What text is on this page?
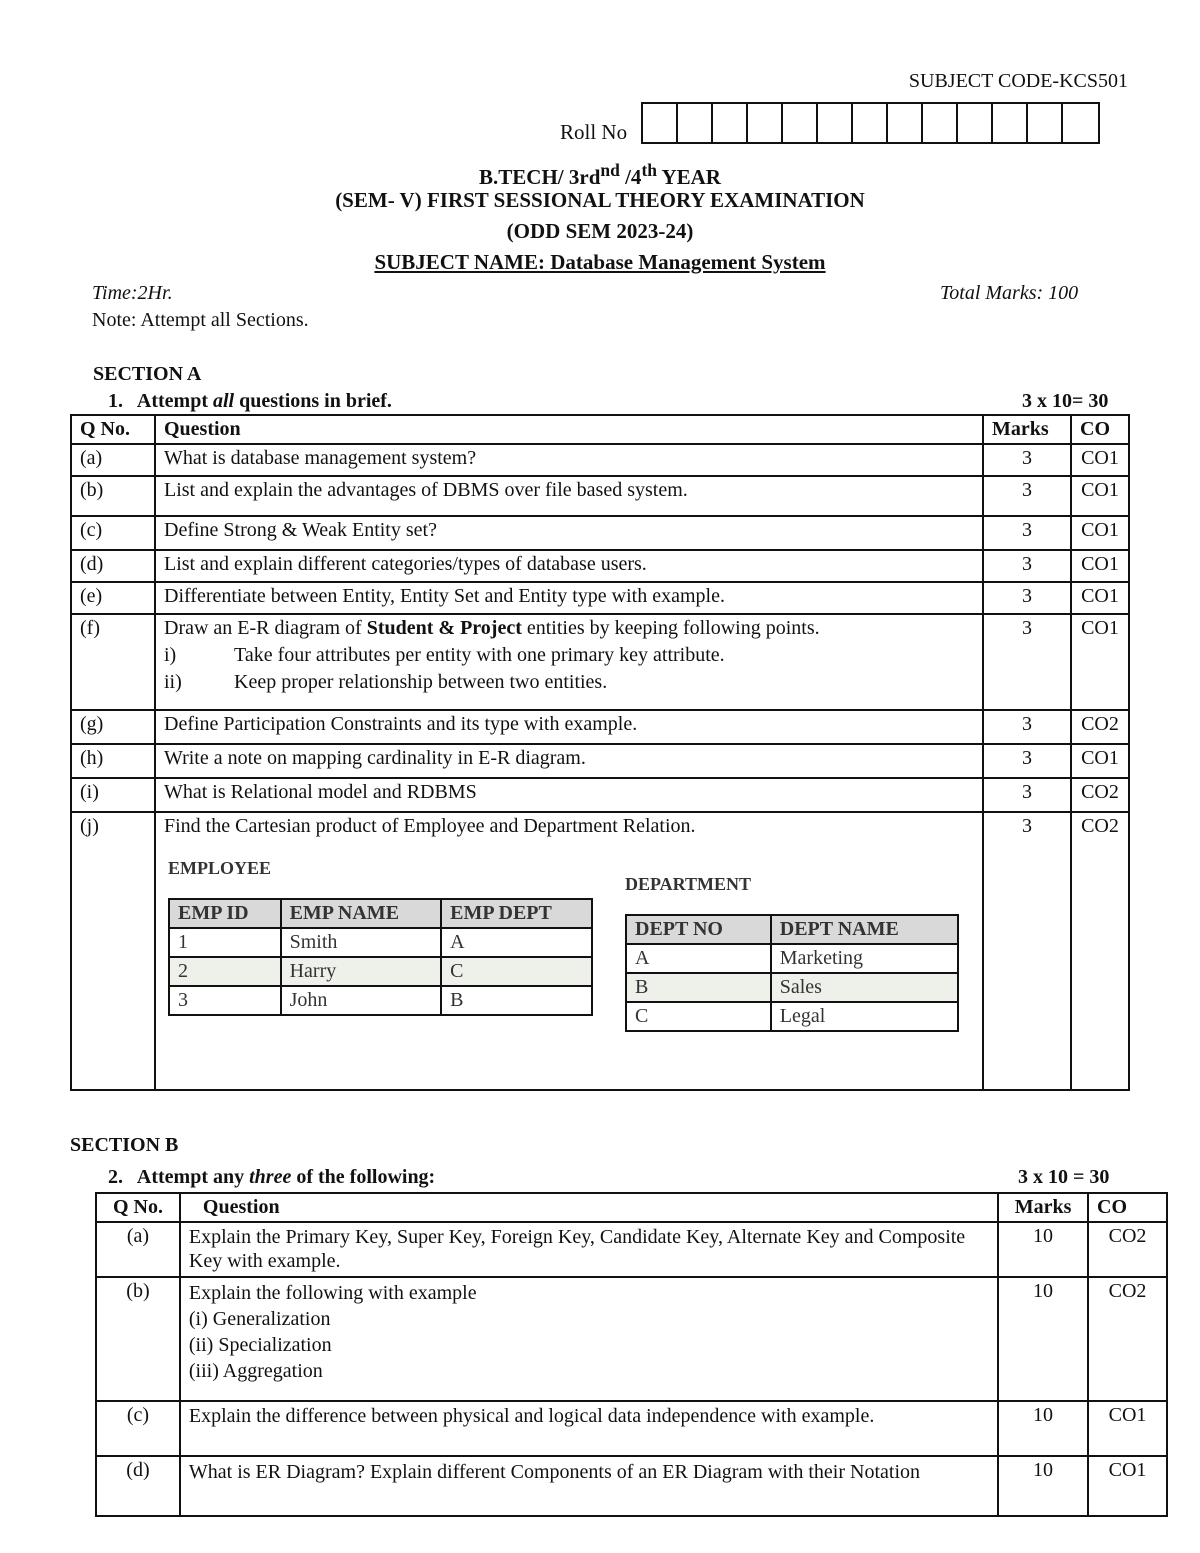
SUBJECT CODE-KCS501
Roll No
B.TECH/ $3rd^{nd}$ /4th YEAR
(SEM- V) FIRST SESSIONAL THEORY EXAMINATION
(ODD SEM 2023-24)
SUBJECT NAME: Database Management System
Time:2Hr.	Total Marks: 100
Note: Attempt all Sections.
SECTION A
1. Attempt all questions in brief.	3 x 10= 30
Q No.	Question	Marks	CO
(a)	What is database management system?	3	CO1
(b)	List and explain the advantages of DBMS over file based system.	3	CO1
(c)	Define Strong & Weak Entity set?	3	CO1
(d)	List and explain different categories/types of database users.	3	CO1
(e)	Differentiate between Entity, Entity Set and Entity type with example.	3	CO1
(f)	Draw an E-R diagram of Student & Project entities by keeping following points.
i)	Take four attributes per entity with one primary key attribute.
ii)	Keep proper relationship between two entities.
	3	CO1
(g)	Define Participation Constraints and its type with example.	3	CO2
(h)	Write a note on mapping cardinality in E-R diagram.	3	CO1
(i)	What is Relational model and RDBMS	3	CO2
(j)	Find the Cartesian product of Employee and Department Relation.
EMPLOYEE
EMP ID	EMP NAME	EMP DEPT
1	Smith	A
2	Harry	C
3	John	B
DEPARTMENT
DEPT NO	DEPT NAME
A	Marketing
B	Sales
C	Legal
	3	CO2
SECTION B
2. Attempt any three of the following:	3 x 10 = 30
Q No.	Question	Marks	CO
(a)	Explain the Primary Key, Super Key, Foreign Key, Candidate Key, Alternate Key and Composite Key with example.	10	CO2
(b)	Explain the following with example
(i) Generalization
(ii) Specialization
(iii) Aggregation	10	CO2
(c)	Explain the difference between physical and logical data independence with example.	10	CO1
(d)	What is ER Diagram? Explain different Components of an ER Diagram with their Notation	10	CO1
